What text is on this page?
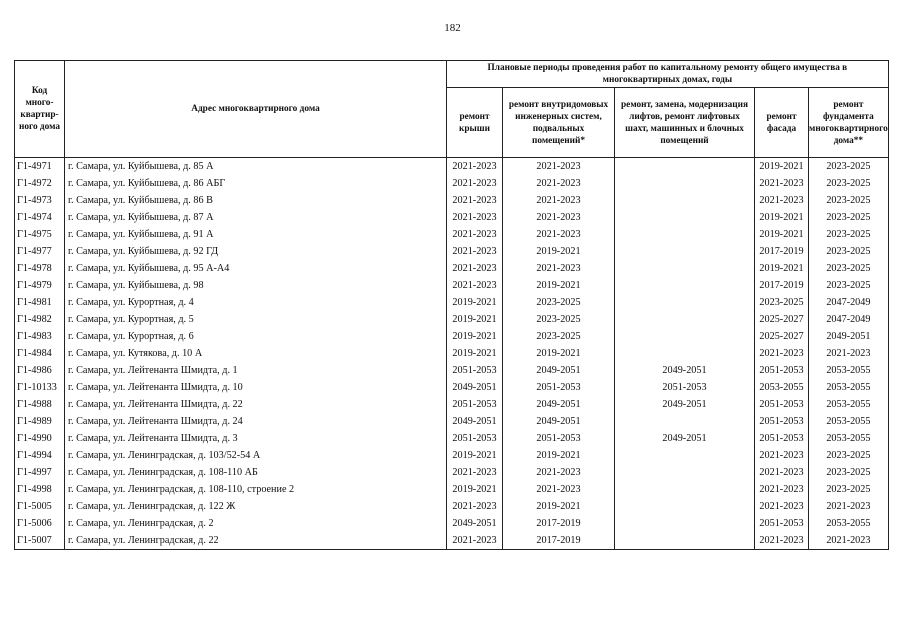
182
Код много-квартир-ного дома	Адрес многоквартирного дома	Плановые периоды проведения работ по капитальному ремонту общего имущества в многоквартирных домах, годы				
		ремонт крыши	ремонт внутридомовых инженерных систем, подвальных помещений*	ремонт, замена, модернизация лифтов, ремонт лифтовых шахт, машинных и блочных помещений	ремонт фасада	ремонт фундамента многоквартирного дома**
Г1-4971	г. Самара, ул. Куйбышева, д. 85 А	2021-2023	2021-2023		2019-2021	2023-2025
Г1-4972	г. Самара, ул. Куйбышева, д. 86 АБГ	2021-2023	2021-2023		2021-2023	2023-2025
Г1-4973	г. Самара, ул. Куйбышева, д. 86 В	2021-2023	2021-2023		2021-2023	2023-2025
Г1-4974	г. Самара, ул. Куйбышева, д. 87 А	2021-2023	2021-2023		2019-2021	2023-2025
Г1-4975	г. Самара, ул. Куйбышева, д. 91 А	2021-2023	2021-2023		2019-2021	2023-2025
Г1-4977	г. Самара, ул. Куйбышева, д. 92 ГД	2021-2023	2019-2021		2017-2019	2023-2025
Г1-4978	г. Самара, ул. Куйбышева, д. 95 А-А4	2021-2023	2021-2023		2019-2021	2023-2025
Г1-4979	г. Самара, ул. Куйбышева, д. 98	2021-2023	2019-2021		2017-2019	2023-2025
Г1-4981	г. Самара, ул. Курортная, д. 4	2019-2021	2023-2025		2023-2025	2047-2049
Г1-4982	г. Самара, ул. Курортная, д. 5	2019-2021	2023-2025		2025-2027	2047-2049
Г1-4983	г. Самара, ул. Курортная, д. 6	2019-2021	2023-2025		2025-2027	2049-2051
Г1-4984	г. Самара, ул. Кутякова, д. 10 А	2019-2021	2019-2021		2021-2023	2021-2023
Г1-4986	г. Самара, ул. Лейтенанта Шмидта, д. 1	2051-2053	2049-2051	2049-2051	2051-2053	2053-2055
Г1-10133	г. Самара, ул. Лейтенанта Шмидта, д. 10	2049-2051	2051-2053	2051-2053	2053-2055	2053-2055
Г1-4988	г. Самара, ул. Лейтенанта Шмидта, д. 22	2051-2053	2049-2051	2049-2051	2051-2053	2053-2055
Г1-4989	г. Самара, ул. Лейтенанта Шмидта, д. 24	2049-2051	2049-2051		2051-2053	2053-2055
Г1-4990	г. Самара, ул. Лейтенанта Шмидта, д. 3	2051-2053	2051-2053	2049-2051	2051-2053	2053-2055
Г1-4994	г. Самара, ул. Ленинградская, д. 103/52-54 А	2019-2021	2019-2021		2021-2023	2023-2025
Г1-4997	г. Самара, ул. Ленинградская, д. 108-110 АБ	2021-2023	2021-2023		2021-2023	2023-2025
Г1-4998	г. Самара, ул. Ленинградская, д. 108-110, строение 2	2019-2021	2021-2023		2021-2023	2023-2025
Г1-5005	г. Самара, ул. Ленинградская, д. 122 Ж	2021-2023	2019-2021		2021-2023	2021-2023
Г1-5006	г. Самара, ул. Ленинградская, д. 2	2049-2051	2017-2019		2051-2053	2053-2055
Г1-5007	г. Самара, ул. Ленинградская, д. 22	2021-2023	2017-2019		2021-2023	2021-2023
